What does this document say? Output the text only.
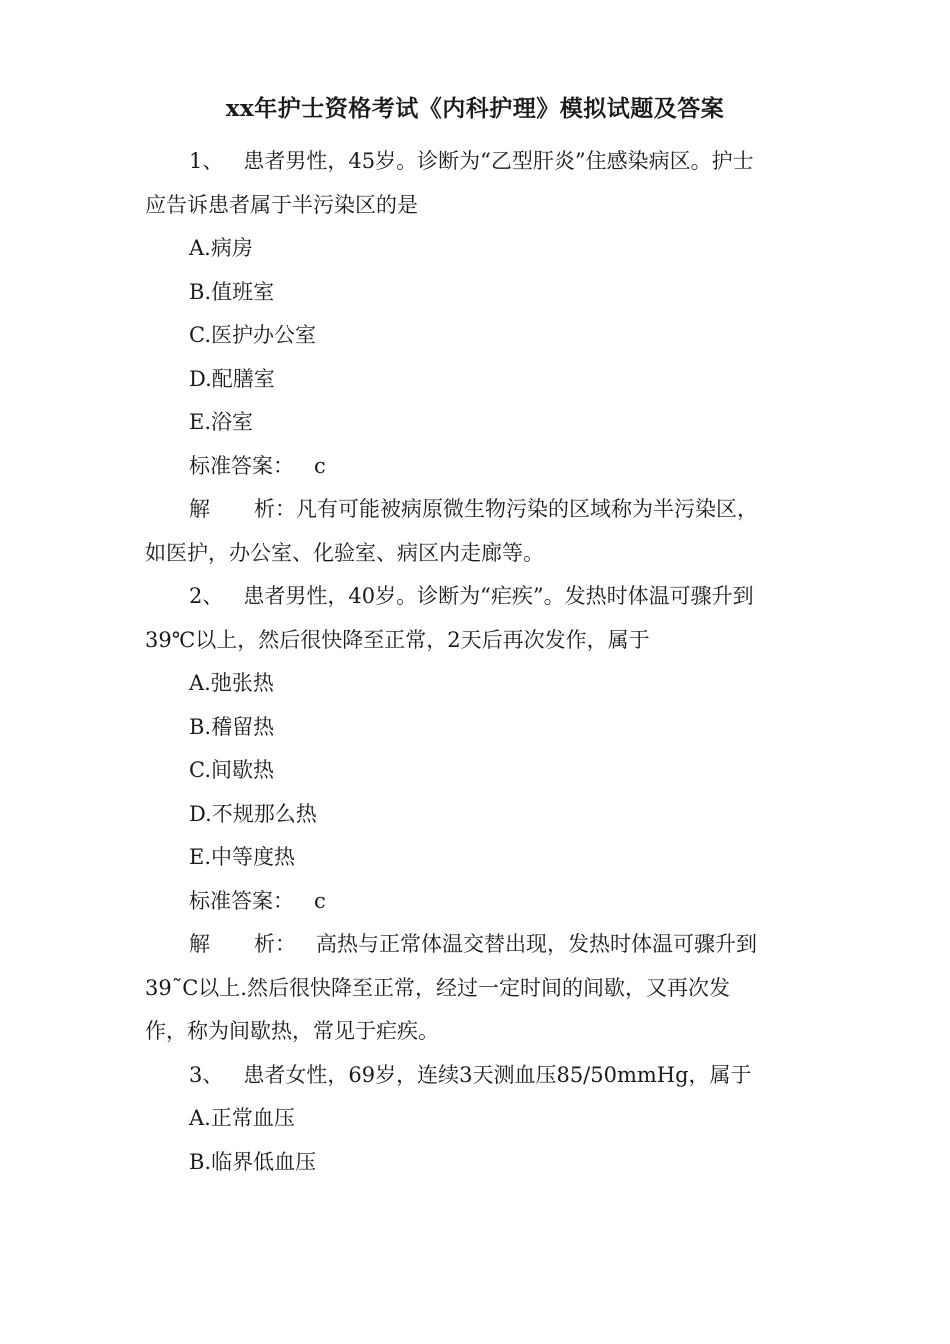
xx年护士资格考试《内科护理》模拟试题及答案
1、 患者男性，45岁。诊断为“乙型肝炎”住感染病区。护士
应告诉患者属于半污染区的是
A.病房
B.值班室
C.医护办公室
D.配膳室
E.浴室
标准答案： c
解 析：凡有可能被病原微生物污染的区域称为半污染区，
如医护，办公室、化验室、病区内走廊等。
2、 患者男性，40岁。诊断为“疟疾”。发热时体温可骤升到
39℃以上，然后很快降至正常，2天后再次发作，属于
A.弛张热
B.稽留热
C.间歇热
D.不规那么热
E.中等度热
标准答案： c
解 析： 高热与正常体温交替出现，发热时体温可骤升到
39˜C以上.然后很快降至正常，经过一定时间的间歇，又再次发
作，称为间歇热，常见于疟疾。
3、 患者女性，69岁，连续3天测血压85/50mmHg，属于
A.正常血压
B.临界低血压
